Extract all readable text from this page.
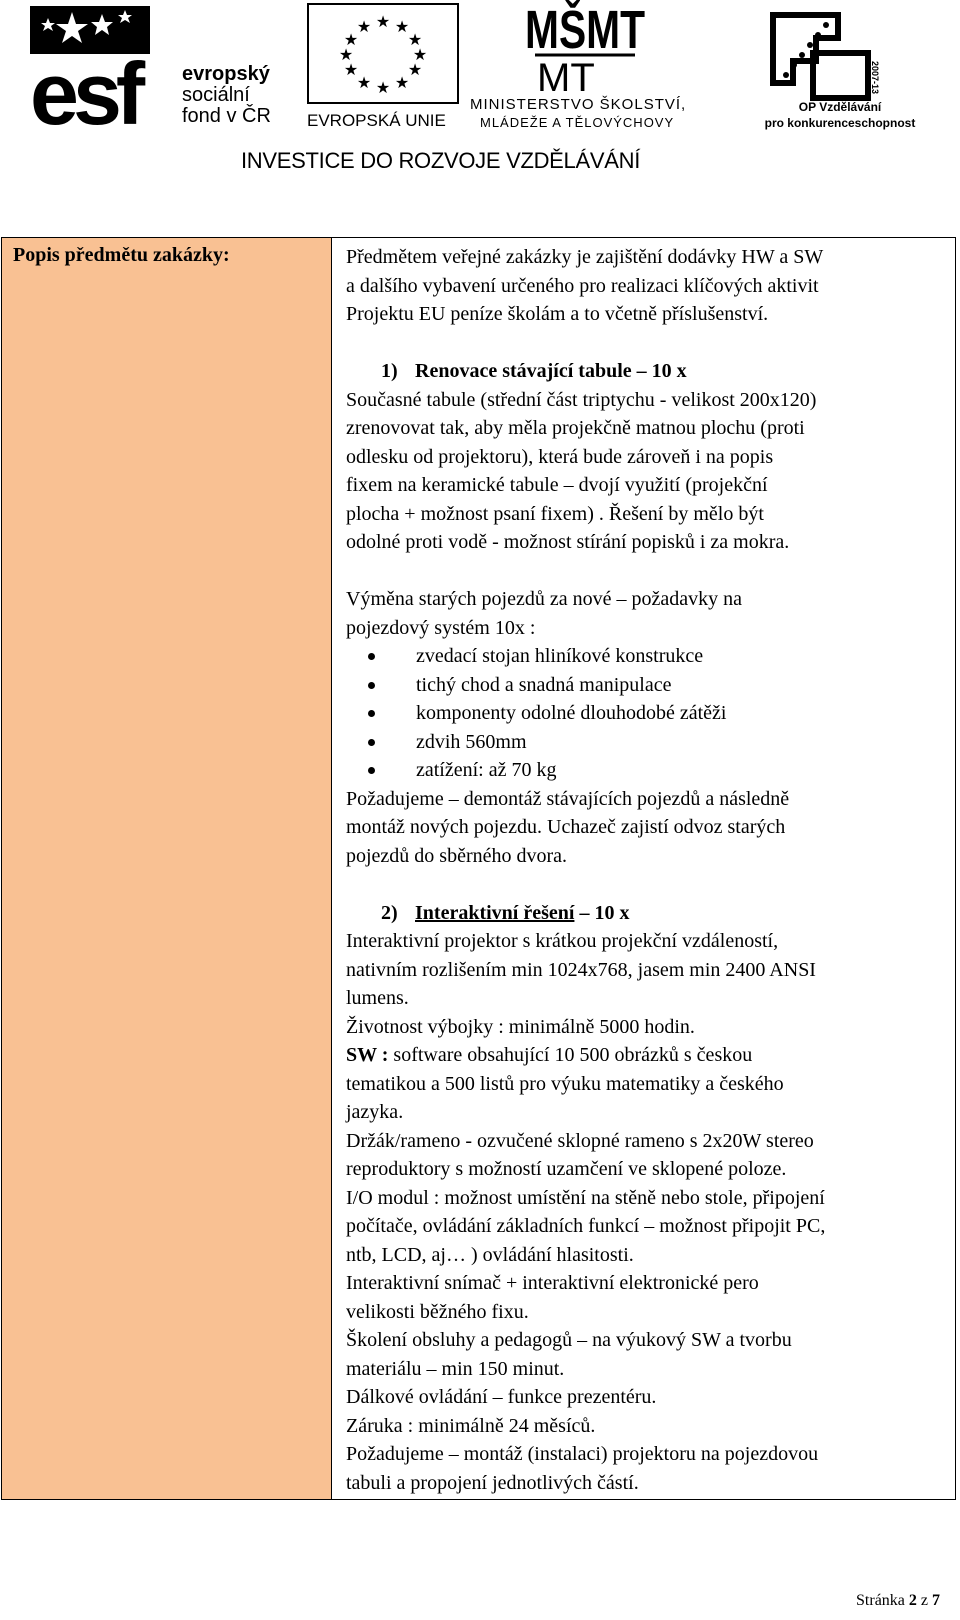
esf	evropský
sociální
fond v ČR
★ ★
★
★
★
★
★
★
★
★
★
★
EVROPSKÁ UNIE
MŠMT
MT
MINISTERSTVO ŠKOLSTVÍ,
MLÁDEŽE A TĚLOVÝCHOVY
2007-13
OP Vzdělávání
pro konkurenceschopnost
INVESTICE DO ROZVOJE VZDĚLÁVÁNÍ
Popis předmětu zakázky:	Předmětem veřejné zakázky je zajištění dodávky HW a SW

a dalšího vybavení určeného pro realizaci klíčových aktivit

Projektu EU peníze školám a to včetně příslušenství.

1) Renovace stávající tabule – 10 x

Současné tabule (střední část triptychu - velikost 200x120)

zrenovovat tak, aby měla projekčně matnou plochu (proti

odlesku od projektoru), která bude zároveň i na popis

fixem na keramické tabule – dvojí využití (projekční

plocha + možnost psaní fixem) . Řešení by mělo být

odolné proti vodě - možnost stírání popisků i za mokra.

Výměna starých pojezdů za nové – požadavky na

pojezdový systém 10x :

zvedací stojan hliníkové konstrukce
tichý chod a snadná manipulace
komponenty odolné dlouhodobé zátěži
zdvih 560mm
zatížení: až 70 kg

Požadujeme – demontáž stávajících pojezdů a následně

montáž nových pojezdu. Uchazeč zajistí odvoz starých

pojezdů do sběrného dvora.

2) Interaktivní řešení – 10 x

Interaktivní projektor s krátkou projekční vzdáleností,

nativním rozlišením min 1024x768, jasem min 2400 ANSI

lumens.

Životnost výbojky : minimálně 5000 hodin.

SW : software obsahující 10 500 obrázků s českou

tematikou a 500 listů pro výuku matematiky a českého

jazyka.

Držák/rameno - ozvučené sklopné rameno s 2x20W stereo

reproduktory s možností uzamčení ve sklopené poloze.

I/O modul : možnost umístění na stěně nebo stole, připojení

počítače, ovládání základních funkcí – možnost připojit PC,

ntb, LCD, aj… ) ovládání hlasitosti.

Interaktivní snímač + interaktivní elektronické pero

velikosti běžného fixu.

Školení obsluhy a pedagogů – na výukový SW a tvorbu

materiálu – min 150 minut.

Dálkové ovládání – funkce prezentéru.

Záruka : minimálně 24 měsíců.

Požadujeme – montáž (instalaci) projektoru na pojezdovou

tabuli a propojení jednotlivých částí.

Stránka 2 z 7
